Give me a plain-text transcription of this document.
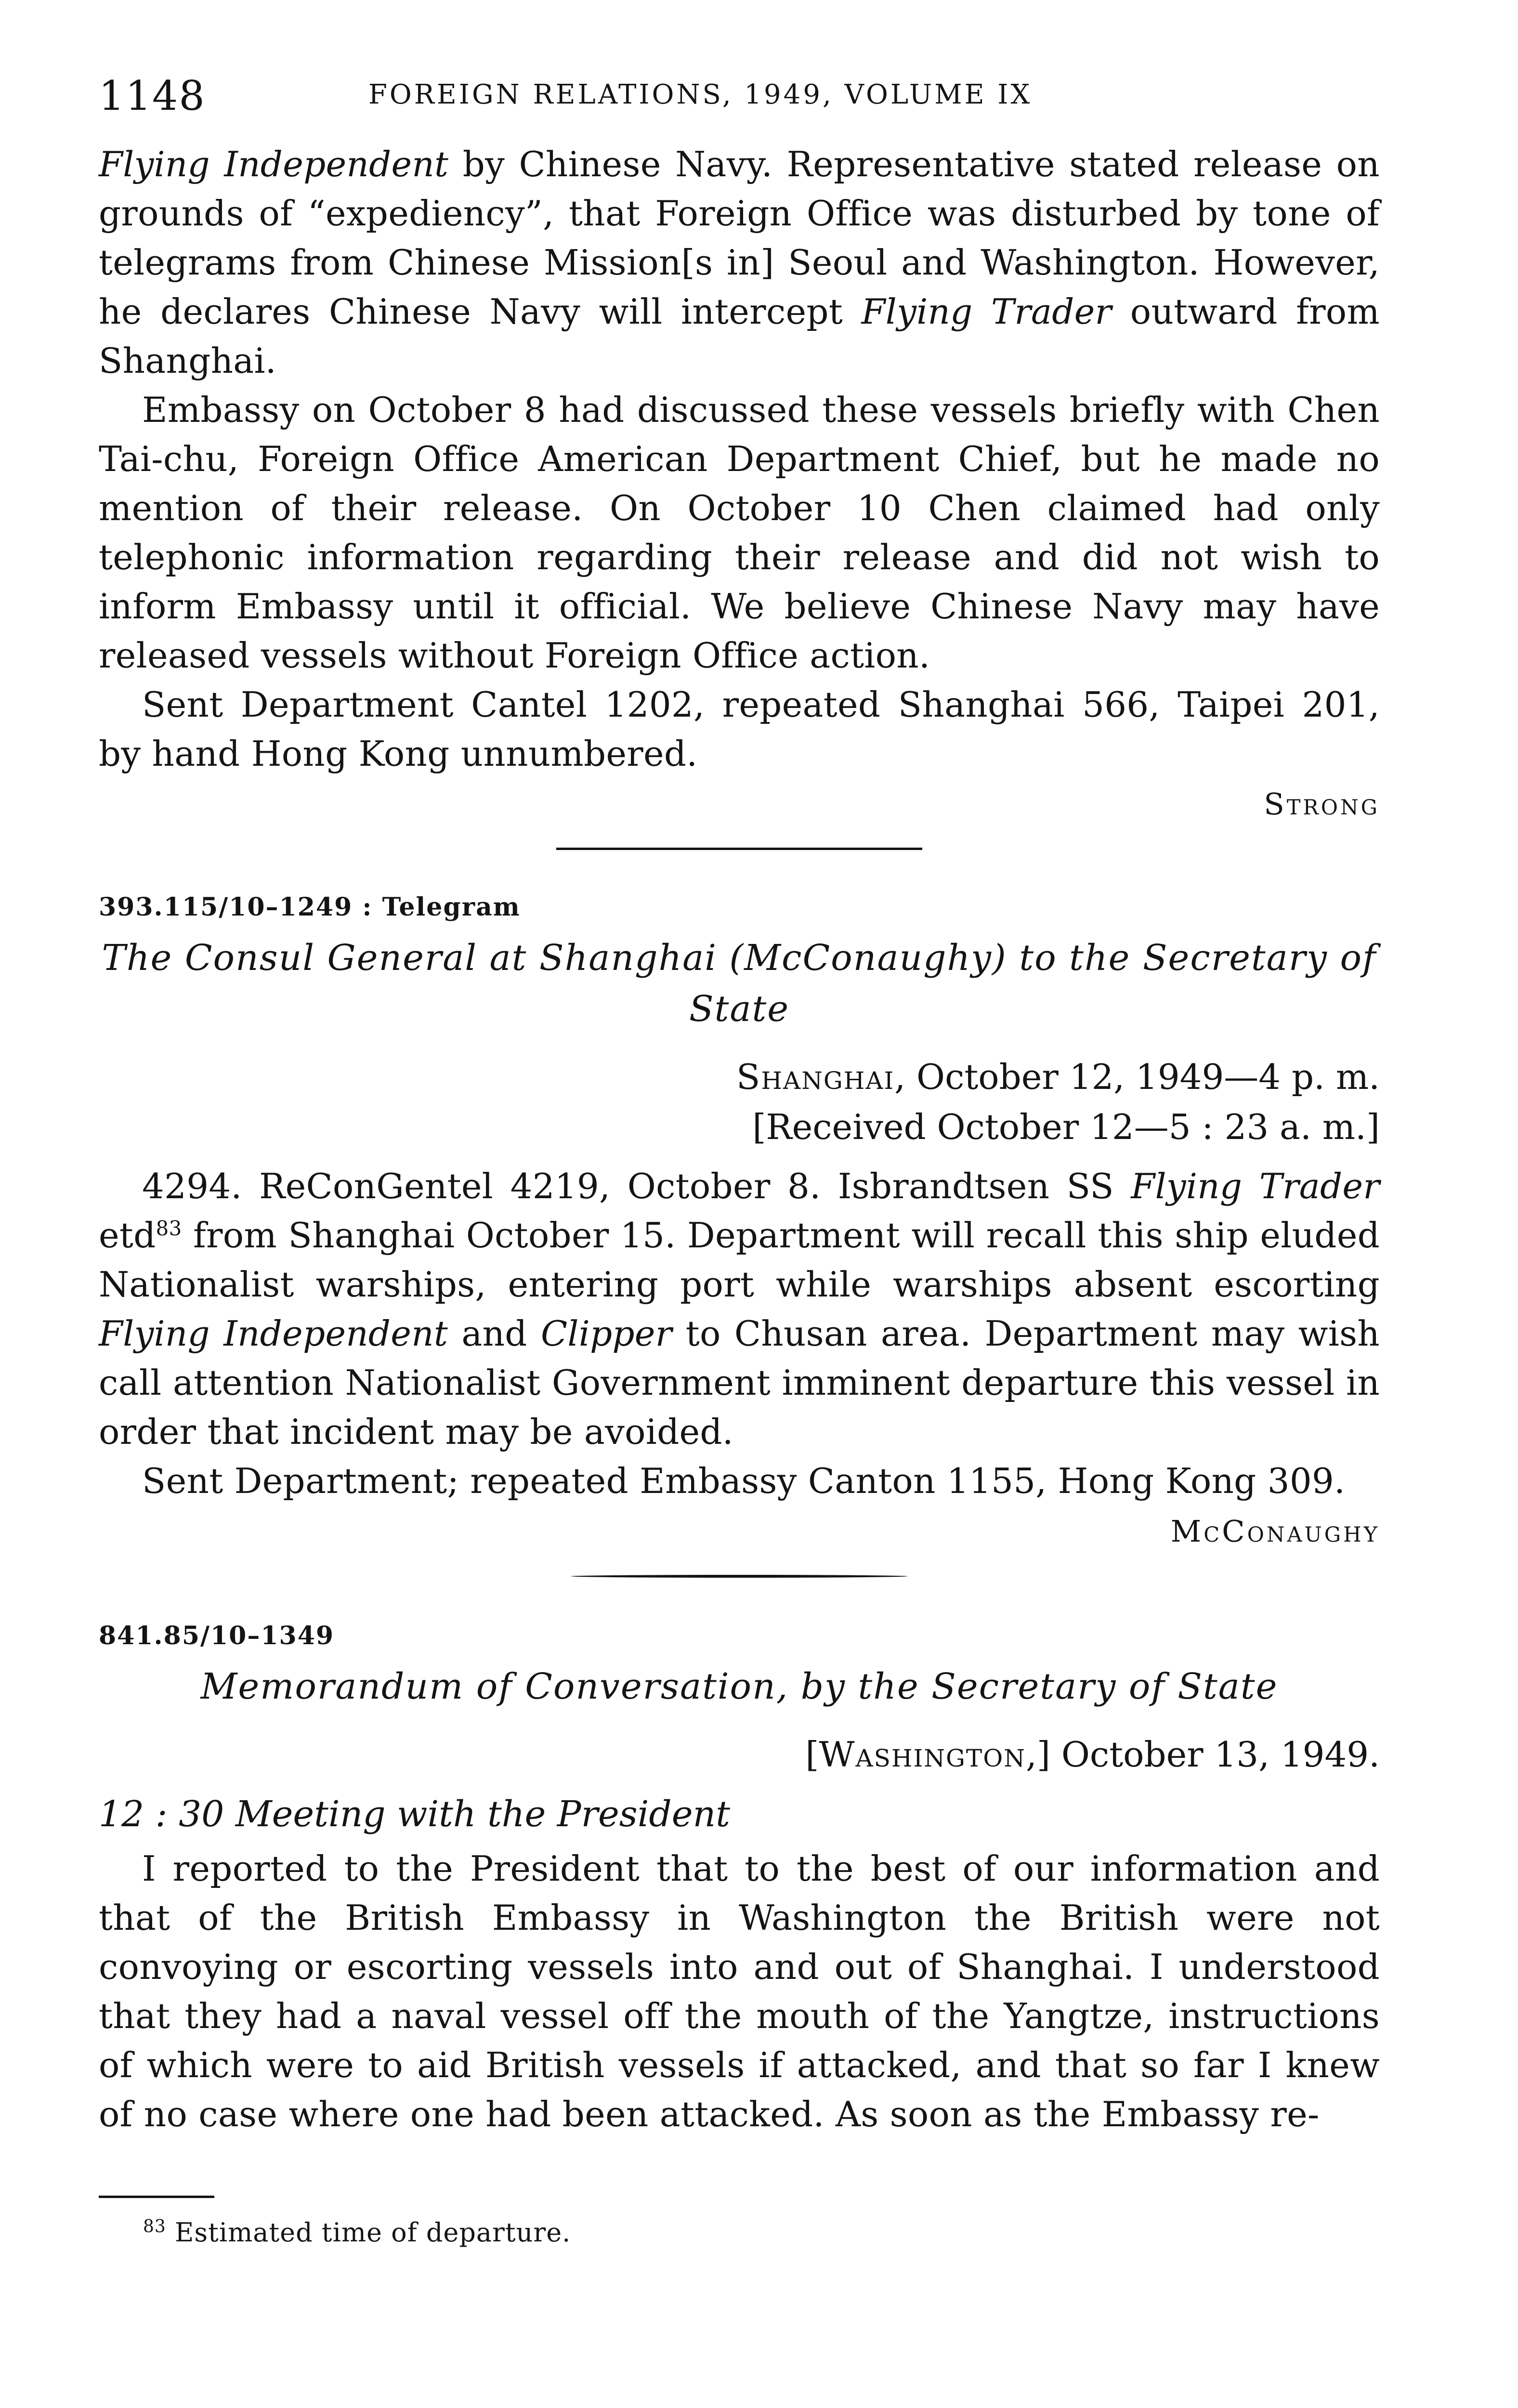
1148	FOREIGN RELATIONS, 1949, VOLUME IX

Flying Independent by Chinese Navy. Representative stated release on grounds of “expediency”, that Foreign Office was disturbed by tone of telegrams from Chinese Mission[s in] Seoul and Washington. However, he declares Chinese Navy will intercept Flying Trader outward from Shanghai.

Embassy on October 8 had discussed these vessels briefly with Chen Tai-chu, Foreign Office American Department Chief, but he made no mention of their release. On October 10 Chen claimed had only telephonic information regarding their release and did not wish to inform Embassy until it official. We believe Chinese Navy may have released vessels without Foreign Office action.

Sent Department Cantel 1202, repeated Shanghai 566, Taipei 201, by hand Hong Kong unnumbered.

Strong
393.115/10–1249 : Telegram
The Consul General at Shanghai (McConaughy) to the Secretary of State
Shanghai, October 12, 1949—4 p. m.
[Received October 12—5 : 23 a. m.]

4294. ReConGentel 4219, October 8. Isbrandtsen SS Flying Trader etd$^{83}$ from Shanghai October 15. Department will recall this ship eluded Nationalist warships, entering port while warships absent escorting Flying Independent and Clipper to Chusan area. Department may wish call attention Nationalist Government imminent departure this vessel in order that incident may be avoided.

Sent Department; repeated Embassy Canton 1155, Hong Kong 309.

McConaughy
841.85/10–1349
Memorandum of Conversation, by the Secretary of State
[Washington,] October 13, 1949.
12 : 30 Meeting with the President

I reported to the President that to the best of our information and that of the British Embassy in Washington the British were not convoying or escorting vessels into and out of Shanghai. I understood that they had a naval vessel off the mouth of the Yangtze, instructions of which were to aid British vessels if attacked, and that so far I knew of no case where one had been attacked. As soon as the Embassy re-

$^{83}$ Estimated time of departure.
